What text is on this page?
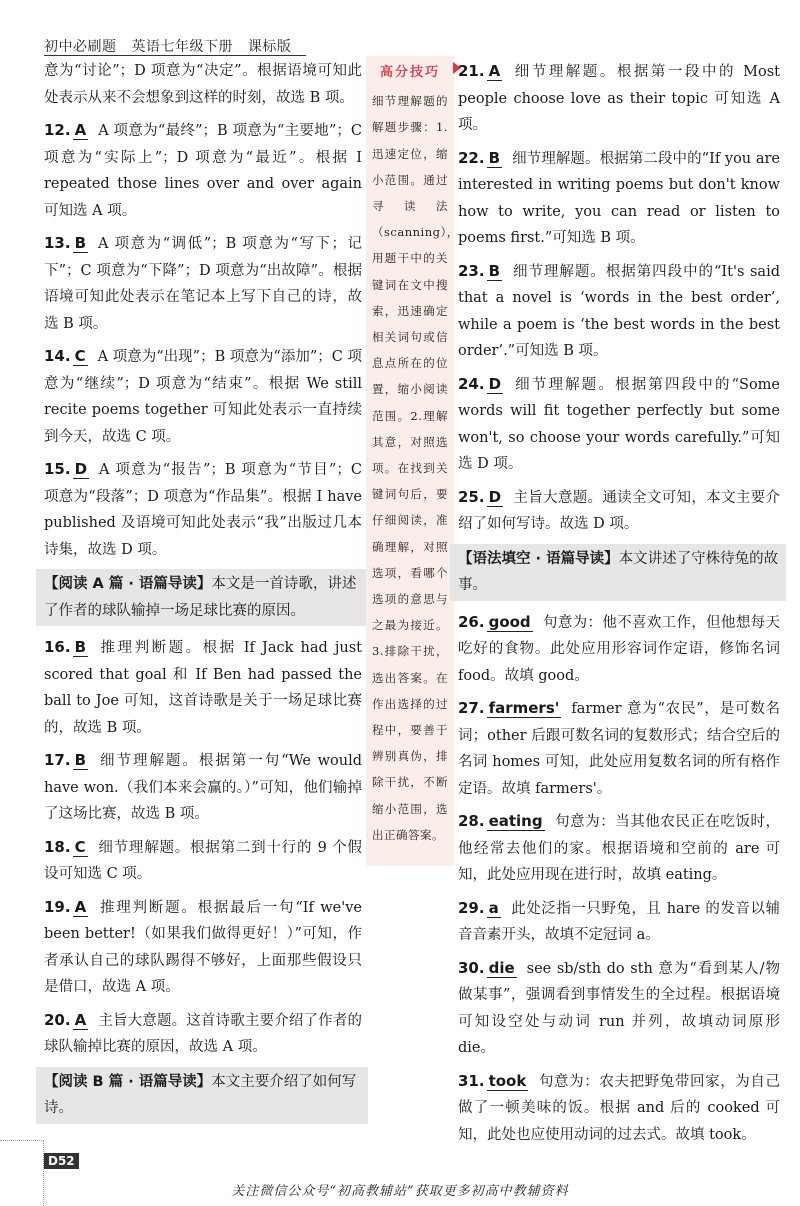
初中必刷题 英语七年级下册 课标版
意为“讨论”；D 项意为“决定”。根据语境可知此处表示从来不会想象到这样的时刻，故选 B 项。
12. A A 项意为“最终”；B 项意为“主要地”；C 项意为“实际上”；D 项意为“最近”。根据 I repeated those lines over and over again 可知选 A 项。
13. B A 项意为“调低”；B 项意为“写下；记下”；C 项意为“下降”；D 项意为“出故障”。根据语境可知此处表示在笔记本上写下自己的诗，故选 B 项。
14. C A 项意为“出现”；B 项意为“添加”；C 项意为“继续”；D 项意为“结束”。根据 We still recite poems together 可知此处表示一直持续到今天，故选 C 项。
15. D A 项意为“报告”；B 项意为“节目”；C 项意为“段落”；D 项意为“作品集”。根据 I have published 及语境可知此处表示“我”出版过几本诗集，故选 D 项。
【阅读 A 篇 · 语篇导读】本文是一首诗歌，讲述了作者的球队输掉一场足球比赛的原因。
16. B 推理判断题。根据 If Jack had just scored that goal 和 If Ben had passed the ball to Joe 可知，这首诗歌是关于一场足球比赛的，故选 B 项。
17. B 细节理解题。根据第一句“We would have won.（我们本来会赢的。）”可知，他们输掉了这场比赛，故选 B 项。
18. C 细节理解题。根据第二到十行的 9 个假设可知选 C 项。
19. A 推理判断题。根据最后一句“If we've been better!（如果我们做得更好！）”可知，作者承认自己的球队踢得不够好，上面那些假设只是借口，故选 A 项。
20. A 主旨大意题。这首诗歌主要介绍了作者的球队输掉比赛的原因，故选 A 项。
【阅读 B 篇 · 语篇导读】本文主要介绍了如何写诗。
高分技巧

细节理解题的解题步骤：1.迅速定位，缩小范围。通过寻读法（scanning），用题干中的关键词在文中搜索，迅速确定相关词句或信息点所在的位置，缩小阅读范围。2.理解其意，对照选项。在找到关键词句后，要仔细阅读，准确理解，对照选项，看哪个选项的意思与之最为接近。3.排除干扰，选出答案。在作出选择的过程中，要善于辨别真伪，排除干扰，不断缩小范围，选出正确答案。

21. A 细节理解题。根据第一段中的 Most people choose love as their topic 可知选 A 项。
22. B 细节理解题。根据第二段中的“If you are interested in writing poems but don't know how to write, you can read or listen to poems first.”可知选 B 项。
23. B 细节理解题。根据第四段中的“It's said that a novel is ‘words in the best order’, while a poem is ‘the best words in the best order’.”可知选 B 项。
24. D 细节理解题。根据第四段中的“Some words will fit together perfectly but some won't, so choose your words carefully.”可知选 D 项。
25. D 主旨大意题。通读全文可知，本文主要介绍了如何写诗。故选 D 项。
【语法填空 · 语篇导读】本文讲述了守株待兔的故事。
26. good 句意为：他不喜欢工作，但他想每天吃好的食物。此处应用形容词作定语，修饰名词 food。故填 good。
27. farmers' farmer 意为“农民”，是可数名词；other 后跟可数名词的复数形式；结合空后的名词 homes 可知，此处应用复数名词的所有格作定语。故填 farmers'。
28. eating 句意为：当其他农民正在吃饭时，他经常去他们的家。根据语境和空前的 are 可知，此处应用现在进行时，故填 eating。
29. a 此处泛指一只野兔，且 hare 的发音以辅音音素开头，故填不定冠词 a。
30. die see sb/sth do sth 意为“看到某人/物做某事”，强调看到事情发生的全过程。根据语境可知设空处与动词 run 并列，故填动词原形 die。
31. took 句意为：农夫把野兔带回家，为自己做了一顿美味的饭。根据 and 后的 cooked 可知，此处也应使用动词的过去式。故填 took。
D52
关注微信公众号“初高教辅站”获取更多初高中教辅资料
